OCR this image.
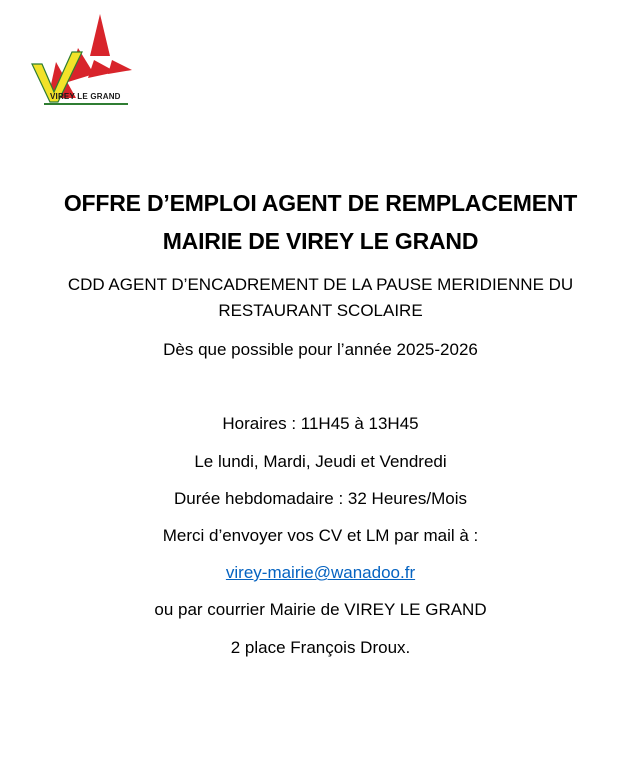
VIREY LE GRAND
OFFRE D’EMPLOI AGENT DE REMPLACEMENT
MAIRIE DE VIREY LE GRAND
CDD AGENT D’ENCADREMENT DE LA PAUSE MERIDIENNE DU
RESTAURANT SCOLAIRE
Dès que possible pour l’année 2025-2026
Horaires : 11H45 à 13H45
Le lundi, Mardi, Jeudi et Vendredi
Durée hebdomadaire : 32 Heures/Mois
Merci d’envoyer vos CV et LM par mail à :
virey-mairie@wanadoo.fr
ou par courrier Mairie de VIREY LE GRAND
2 place François Droux.
